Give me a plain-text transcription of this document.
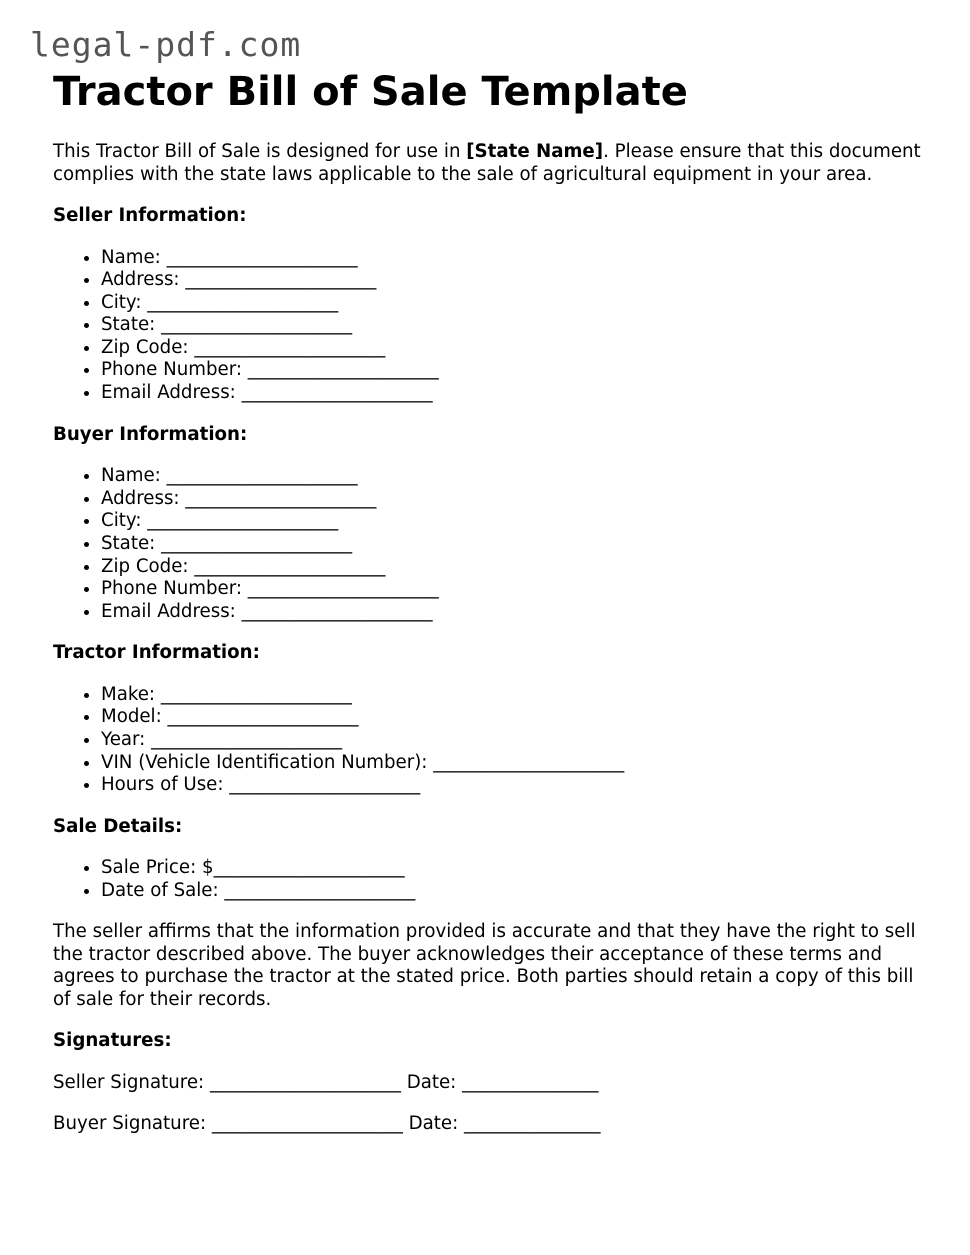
legal-pdf.com
Tractor Bill of Sale Template

This Tractor Bill of Sale is designed for use in [State Name]. Please ensure that this document complies with the state laws applicable to the sale of agricultural equipment in your area.

Seller Information:

• Name: _____________________
• Address: _____________________
• City: _____________________
• State: _____________________
• Zip Code: _____________________
• Phone Number: _____________________
• Email Address: _____________________

Buyer Information:

• Name: _____________________
• Address: _____________________
• City: _____________________
• State: _____________________
• Zip Code: _____________________
• Phone Number: _____________________
• Email Address: _____________________

Tractor Information:

• Make: _____________________
• Model: _____________________
• Year: _____________________
• VIN (Vehicle Identification Number): _____________________
• Hours of Use: _____________________

Sale Details:

• Sale Price: $_____________________
• Date of Sale: _____________________

The seller affirms that the information provided is accurate and that they have the right to sell the tractor described above. The buyer acknowledges their acceptance of these terms and agrees to purchase the tractor at the stated price. Both parties should retain a copy of this bill of sale for their records.

Signatures:

Seller Signature: _____________________ Date: _______________

Buyer Signature: _____________________ Date: _______________
